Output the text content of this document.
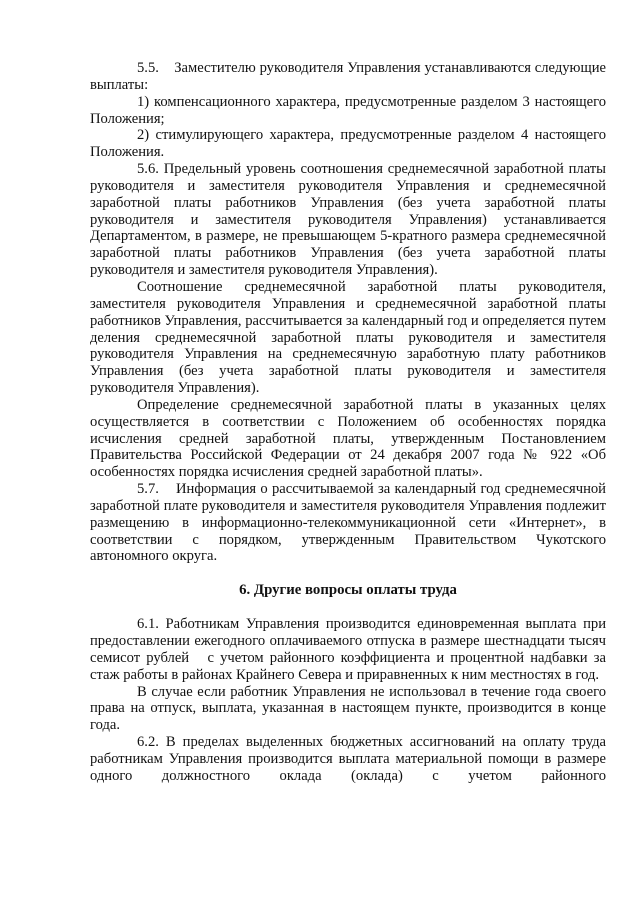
5.5.    Заместителю руководителя Управления устанавливаются следующие выплаты:

1) компенсационного характера, предусмотренные разделом 3 настоящего Положения;

2) стимулирующего характера, предусмотренные разделом 4 настоящего Положения.

5.6. Предельный уровень соотношения среднемесячной заработной платы руководителя и заместителя руководителя Управления и среднемесячной заработной платы работников Управления (без учета заработной платы руководителя и заместителя руководителя Управления) устанавливается Департаментом, в размере, не превышающем 5-кратного размера среднемесячной заработной платы работников Управления (без учета заработной платы руководителя и заместителя руководителя Управления).

Соотношение среднемесячной заработной платы руководителя, заместителя руководителя Управления и среднемесячной заработной платы работников Управления, рассчитывается за календарный год и определяется путем деления среднемесячной заработной платы руководителя и заместителя руководителя Управления на среднемесячную заработную плату работников Управления (без учета заработной платы руководителя и заместителя руководителя Управления).

Определение среднемесячной заработной платы в указанных целях осуществляется в соответствии с Положением об особенностях порядка исчисления средней заработной платы, утвержденным Постановлением Правительства Российской Федерации от 24 декабря 2007 года № 922 «Об особенностях порядка исчисления средней заработной платы».

5.7.    Информация о рассчитываемой за календарный год среднемесячной заработной плате руководителя и заместителя руководителя Управления подлежит размещению в информационно-телекоммуникационной сети «Интернет», в соответствии с порядком, утвержденным Правительством Чукотского автономного округа.

6. Другие вопросы оплаты труда

6.1. Работникам Управления производится единовременная выплата при предоставлении ежегодного оплачиваемого отпуска в размере шестнадцати тысяч семисот рублей   с учетом районного коэффициента и процентной надбавки за стаж работы в районах Крайнего Севера и приравненных к ним местностях в год.

В случае если работник Управления не использовал в течение года своего права на отпуск, выплата, указанная в настоящем пункте, производится в конце года.

6.2. В пределах выделенных бюджетных ассигнований на оплату труда работникам Управления производится выплата материальной помощи в размере одного должностного оклада (оклада) с учетом районного
